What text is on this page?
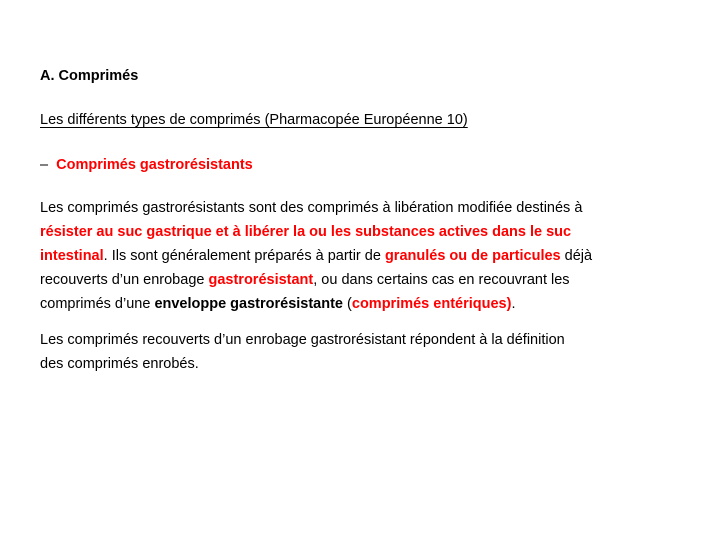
A. Comprimés
Les différents types de comprimés (Pharmacopée Européenne 10)
–  Comprimés gastrorésistants
Les comprimés gastrorésistants sont des comprimés à libération modifiée destinés à
résister au suc gastrique et à libérer la ou les substances actives dans le suc
intestinal. Ils sont généralement préparés à partir de granulés ou de particules déjà
recouverts d’un enrobage gastrorésistant, ou dans certains cas en recouvrant les
comprimés d’une enveloppe gastrorésistante (comprimés entériques).
Les comprimés recouverts d’un enrobage gastrorésistant répondent à la définition
des comprimés enrobés.
